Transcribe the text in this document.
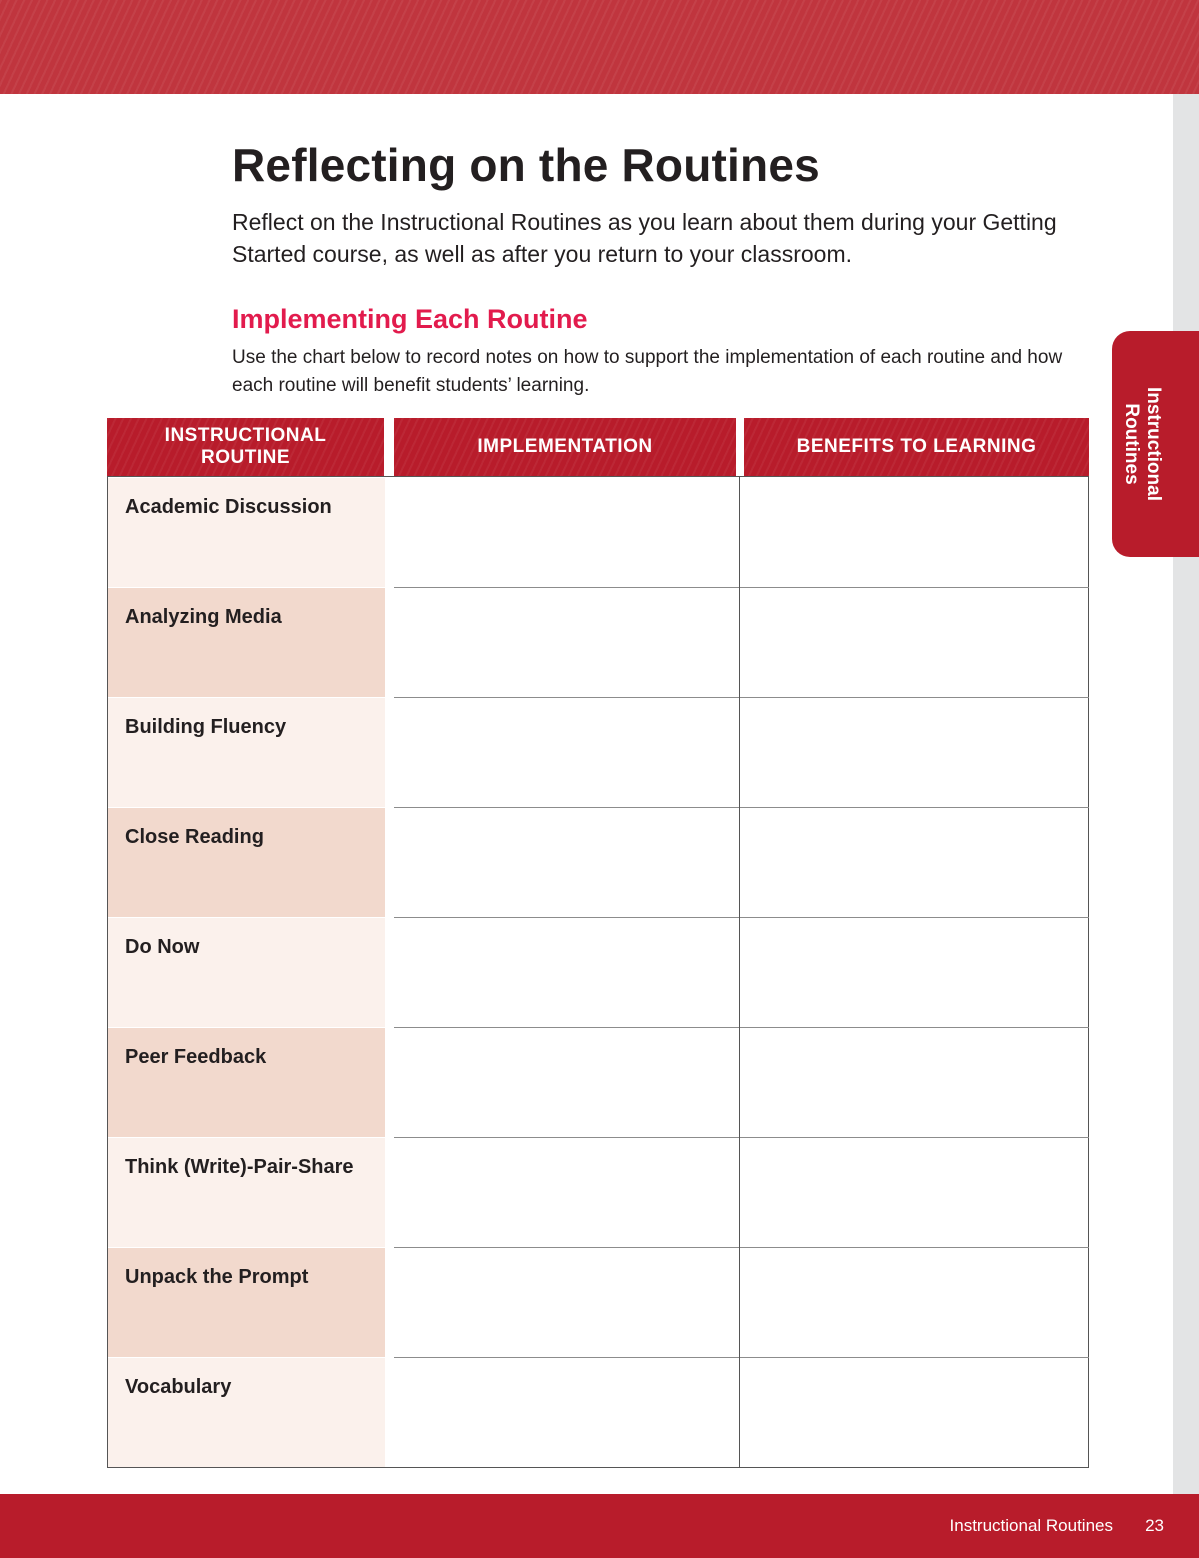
Instructional Routines
Reflecting on the Routines

Reflect on the Instructional Routines as you learn about them during your Getting Started course, as well as after you return to your classroom.

Implementing Each Routine

Use the chart below to record notes on how to support the implementation of each routine and how each routine will benefit students’ learning.

INSTRUCTIONAL
ROUTINE
IMPLEMENTATION	BENEFITS TO LEARNING
Academic Discussion
Analyzing Media
Building Fluency
Close Reading
Do Now
Peer Feedback
Think (Write)-Pair-Share
Unpack the Prompt
Vocabulary
Instructional Routines 23
